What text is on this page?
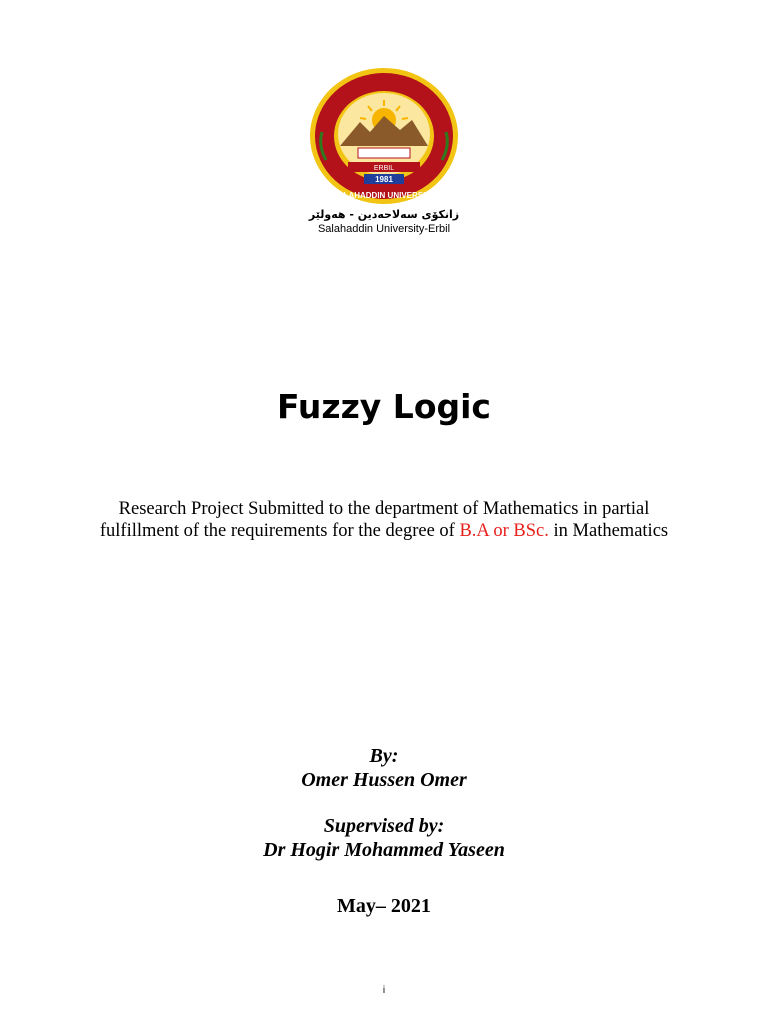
ERBIL
1981
SALAHADDIN UNIVERSITY
زانكۆی سەلاحەدین - هەولێر
Salahaddin University-Erbil
Fuzzy Logic
Research Project Submitted to the department of Mathematics in partial fulfillment of the requirements for the degree of B.A or BSc. in Mathematics
By:
Omer Hussen Omer
Supervised by:
Dr Hogir Mohammed Yaseen
May– 2021
i
